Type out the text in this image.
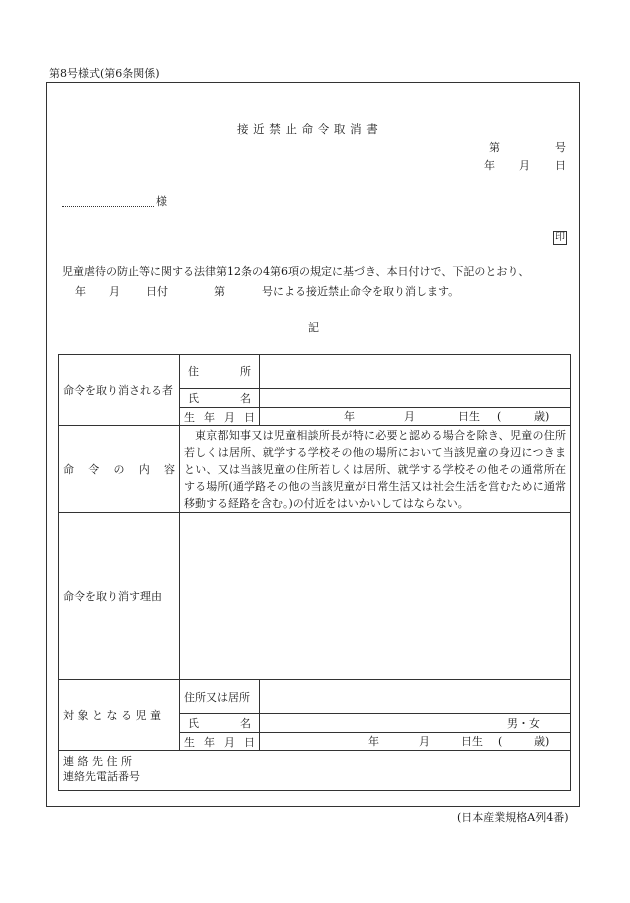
第8号様式(第6条関係)
接 近 禁 止 命 令 取 消 書
第	号
年 月 日
様
印
児童虐待の防止等に関する法律第12条の4第6項の規定に基づき、本日付けで、下記のとおり、
年 月 日付	第	号による接近禁止命令を取り消します。
記
命令を取り消される者	住 所	

	氏 名	

	生 年 月 日	年 月 日生 ( 歳)

命 令 の 内 容	東京都知事又は児童相談所長が特に必要と認める場合を除き、児童の住所若しくは居所、就学する学校その他の場所において当該児童の身辺につきまとい、又は当該児童の住所若しくは居所、就学する学校その他その通常所在する場所(通学路その他の当該児童が日常生活又は社会生活を営むために通常移動する経路を含む。)の付近をはいかいしてはならない。	
命令を取り消す理由		
対 象 と な る 児 童	住所又は居所	

	氏 名	男・女

	生 年 月 日	年 月 日生 ( 歳)

連 絡 先 住 所
連絡先電話番号		
(日本産業規格A列4番)
